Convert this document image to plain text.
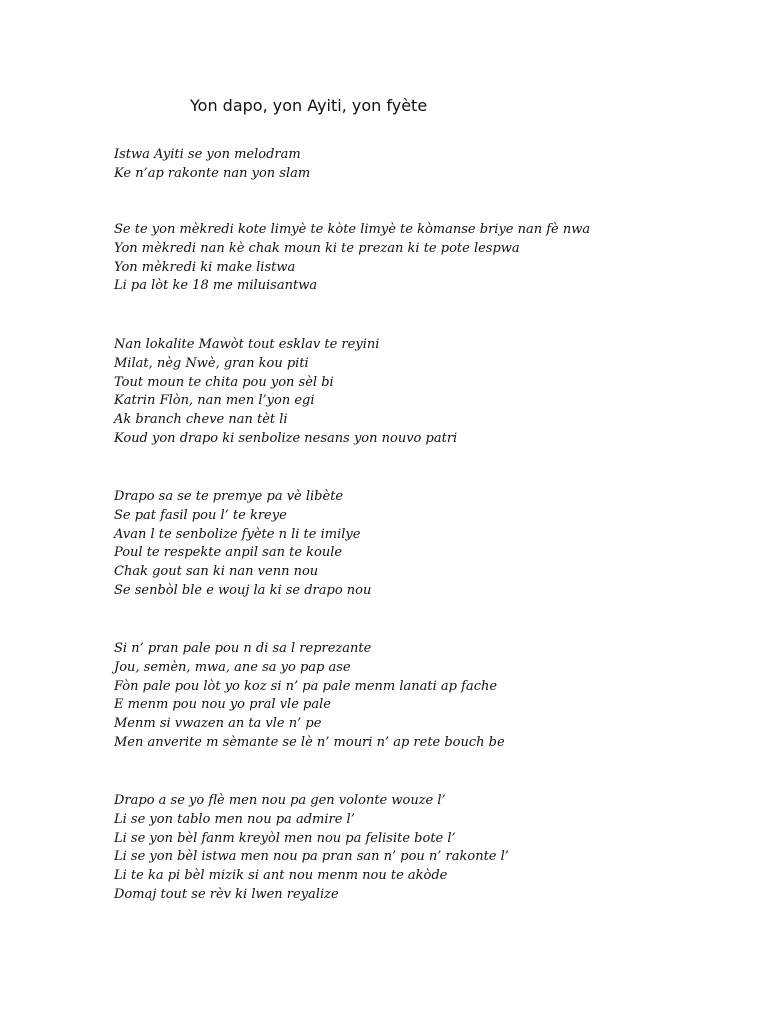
Yon dapo, yon Ayiti, yon fyète
Istwa Ayiti se yon melodram
Ke n’ap rakonte nan yon slam
Se te yon mèkredi kote limyè te kòte limyè te kòmanse briye nan fè nwa
Yon mèkredi nan kè chak moun ki te prezan ki te pote lespwa
Yon mèkredi ki make listwa
Li pa lòt ke 18 me miluisantwa
Nan lokalite Mawòt tout esklav te reyini
Milat, nèg Nwè, gran kou piti
Tout moun te chita pou yon sèl bi
Katrin Flòn, nan men l’yon egi
Ak branch cheve nan tèt li
Koud yon drapo ki senbolize nesans yon nouvo patri
Drapo sa se te premye pa vè libète
Se pat fasil pou l’ te kreye
Avan l te senbolize fyète n li te imilye
Poul te respekte anpil san te koule
Chak gout san ki nan venn nou
Se senbòl ble e wouj la ki se drapo nou
Si n’ pran pale pou n di sa l reprezante
Jou, semèn, mwa, ane sa yo pap ase
Fòn pale pou lòt yo koz si n’ pa pale menm lanati ap fache
E menm pou nou yo pral vle pale
Menm si vwazen an ta vle n’ pe
Men anverite m sèmante se lè n’ mouri n’ ap rete bouch be
Drapo a se yo flè men nou pa gen volonte wouze l’
Li se yon tablo men nou pa admire l’
Li se yon bèl fanm kreyòl men nou pa felisite bote l’
Li se yon bèl istwa men nou pa pran san n’ pou n’ rakonte l’
Li te ka pi bèl mizik si ant nou menm nou te akòde
Domaj tout se rèv ki lwen reyalize
